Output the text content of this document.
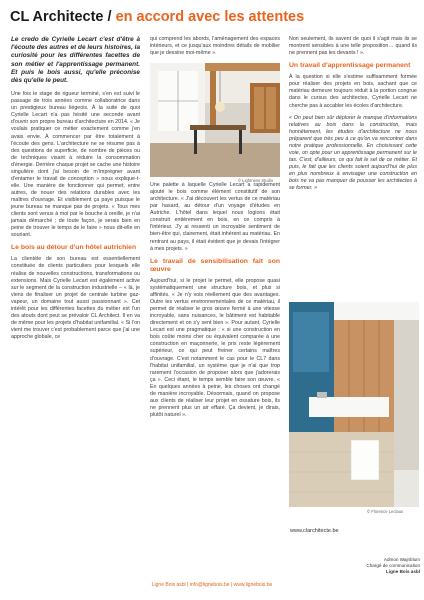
CL Architecte / en accord avec les attentes

Le credo de Cyrielle Lecart c'est d'être à l'écoute des autres et de leurs histoires, la curiosité pour les différentes facettes de son métier et l'apprentissage permanent. Et puis le bois aussi, qu'elle préconise dès qu'elle le peut.

Une fois le stage de rigueur terminé, s'en est suivi le passage de trois années comme collaboratrice dans un prestigieux bureau liégeois. À la suite de quoi Cyrielle Lecart n'a pas hésité une seconde avant d'ouvrir son propre bureau d'architecture en 2014. « Je voulais pratiquer ce métier exactement comme j'en avais envie. À commencer par être totalement à l'écoute des gens. L'architecture ne se résume pas à des questions de superficie, de nombre de pièces ou de techniques visant à réduire la consommation d'énergie. Derrière chaque projet se cache une histoire singulière dont j'ai besoin de m'imprégner avant d'entamer le travail de conception » nous explique-t-elle. Une manière de fonctionner qui permet, entre autres, de nouer des relations durables avec les maîtres d'ouvrage. Et visiblement ça paye puisque le jeune bureau ne manque pas de projets. « Tous mes clients sont venus à moi par le bouche à oreille, je n'ai jamais démarché ; de toute façon, je serais bien en peine de trouver le temps de le faire » nous dit-elle en souriant.

Le bois au détour d'un hôtel autrichien

La clientèle de son bureau est essentiellement constituée de clients particuliers pour lesquels elle réalise de nouvelles constructions, transformations ou extensions. Mais Cyrielle Lecart est également active sur le segment de la construction industrielle – « là, je viens de finaliser un projet de centrale turbine gaz-vapeur, un domaine tout aussi passionnant ». Cet intérêt pour les différentes facettes du métier est l'un des atouts dont peut se prévaloir CL Architect. Il en va de même pour les projets d'habitat unifamilial. « Si l'on vient me trouver c'est probablement parce que j'ai une approche globale, ce

qui comprend les abords, l'aménagement des espaces intérieurs, et ce jusqu'aux moindres détails de mobilier que je dessine moi-même ».

Une palette à laquelle Cyrielle Lecart a rapidement ajouté le bois comme élément constitutif de son architecture. « J'ai découvert les vertus de ce matériau par hasard, au détour d'un voyage d'études en Autriche. L'hôtel dans lequel nous logions était construit entièrement en bois, en ce compris à l'intérieur. J'y ai ressenti un incroyable sentiment de bien-être qui, clairement, était inhérent au matériau. En rentrant au pays, il était évident que je devais l'intégrer à mes projets. »

Le travail de sensibilisation fait son œuvre

Aujourd'hui, si le projet le permet, elle propose quasi systématiquement une structure bois, et plus si affinités. « Je n'y vois réellement que des avantages. Outre les vertus environnementales de ce matériau, il permet de réaliser le gros œuvre fermé à une vitesse incroyable, sans nuisances, le bâtiment est habitable directement et on s'y sent bien ». Pour autant, Cyrielle Lecart est une pragmatique : « si une construction en bois coûte moins cher ou équivalent comparée à une construction en maçonnerie, le prix reste légèrement supérieur, ce qui peut freiner certains maîtres d'ouvrage. C'est notamment le cas pour le CL7 dans l'habitat unifamilial, un système que je n'ai que trop rarement l'occasion de proposer alors que j'adorerais ça ». Ceci étant, le temps semble faire son œuvre. « En quelques années à peine, les choses ont changé de manière incroyable. Désormais, quand on propose aux clients de réaliser leur projet en ossature bois, ils ne prennent plus un air effaré. Ça devient, je dirais, plutôt naturel ».

© Lightness Studio

Non seulement, ils savent de quoi il s'agit mais ils se montrent sensibles à une telle proposition… quand ils ne prennent pas les devants ! ».

Un travail d'apprentissage permanent

À la question si elle s'estime suffisamment formée pour réaliser des projets en bois, sachant que ce matériau demeure toujours réduit à la portion congrue dans le cursus des architectes, Cyrielle Lecart ne cherche pas à accabler les écoles d'architecture.

« On peut bien sûr déplorer le manque d'informations relatives au bois dans la construction, mais honnêtement, les études d'architecture ne nous préparent que très peu à ce qu'on va rencontrer dans notre pratique professionnelle. En choisissant cette voie, on opte pour un apprentissage permanent sur le tas. C'est, d'ailleurs, ce qui fait le sel de ce métier. Et puis, le fait que les clients soient aujourd'hui de plus en plus nombreux à envisager une construction en bois ne va pas manquer de pousser les architectes à se former. »

© Florence Leclaux
www.clarchitecte.be
Admon Wajnblum
Chargé de communication
Ligne Bois asbl
Ligne Bois asbl | info@lignebois.be | www.lignebois.be
